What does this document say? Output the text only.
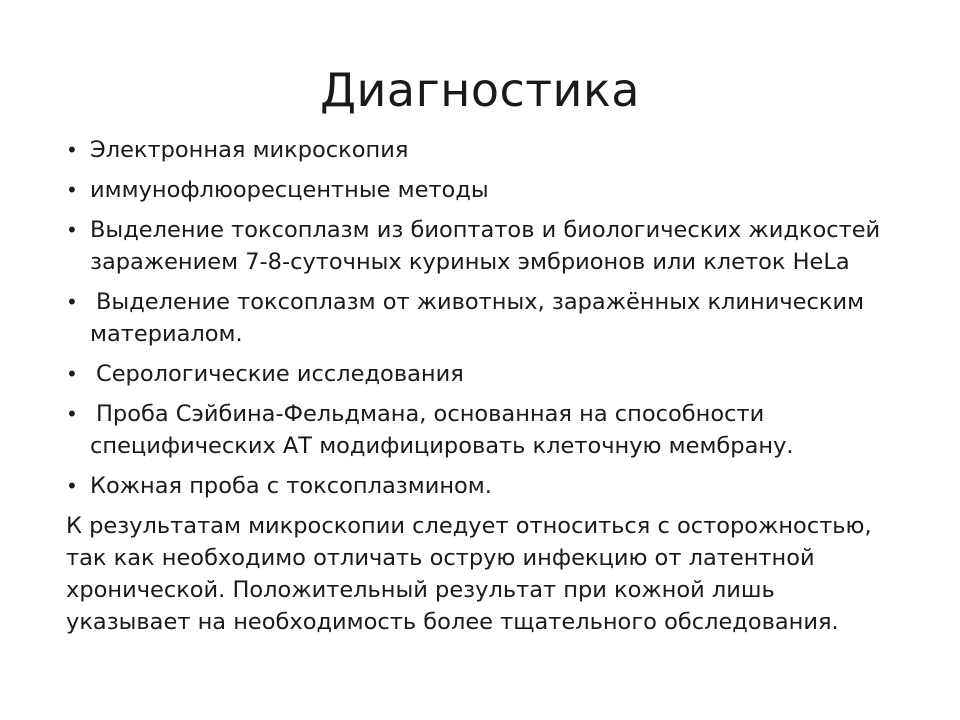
Диагностика
• Электронная микроскопия
• иммунофлюоресцентные методы
• Выделение токсоплазм из биоптатов и биологических жидкостей заражением 7-8-суточных куриных эмбрионов или клеток HeLa
• Выделение токсоплазм от животных, заражённых клиническим материалом.
• Серологические исследования
• Проба Сэйбина-Фельдмана, основанная на способности специфических АТ модифицировать клеточную мембрану.
• Кожная проба с токсоплазмином.
К результатам микроскопии следует относиться с осторожностью,
так как необходимо отличать острую инфекцию от латентной
хронической. Положительный результат при кожной лишь
указывает на необходимость более тщательного обследования.
